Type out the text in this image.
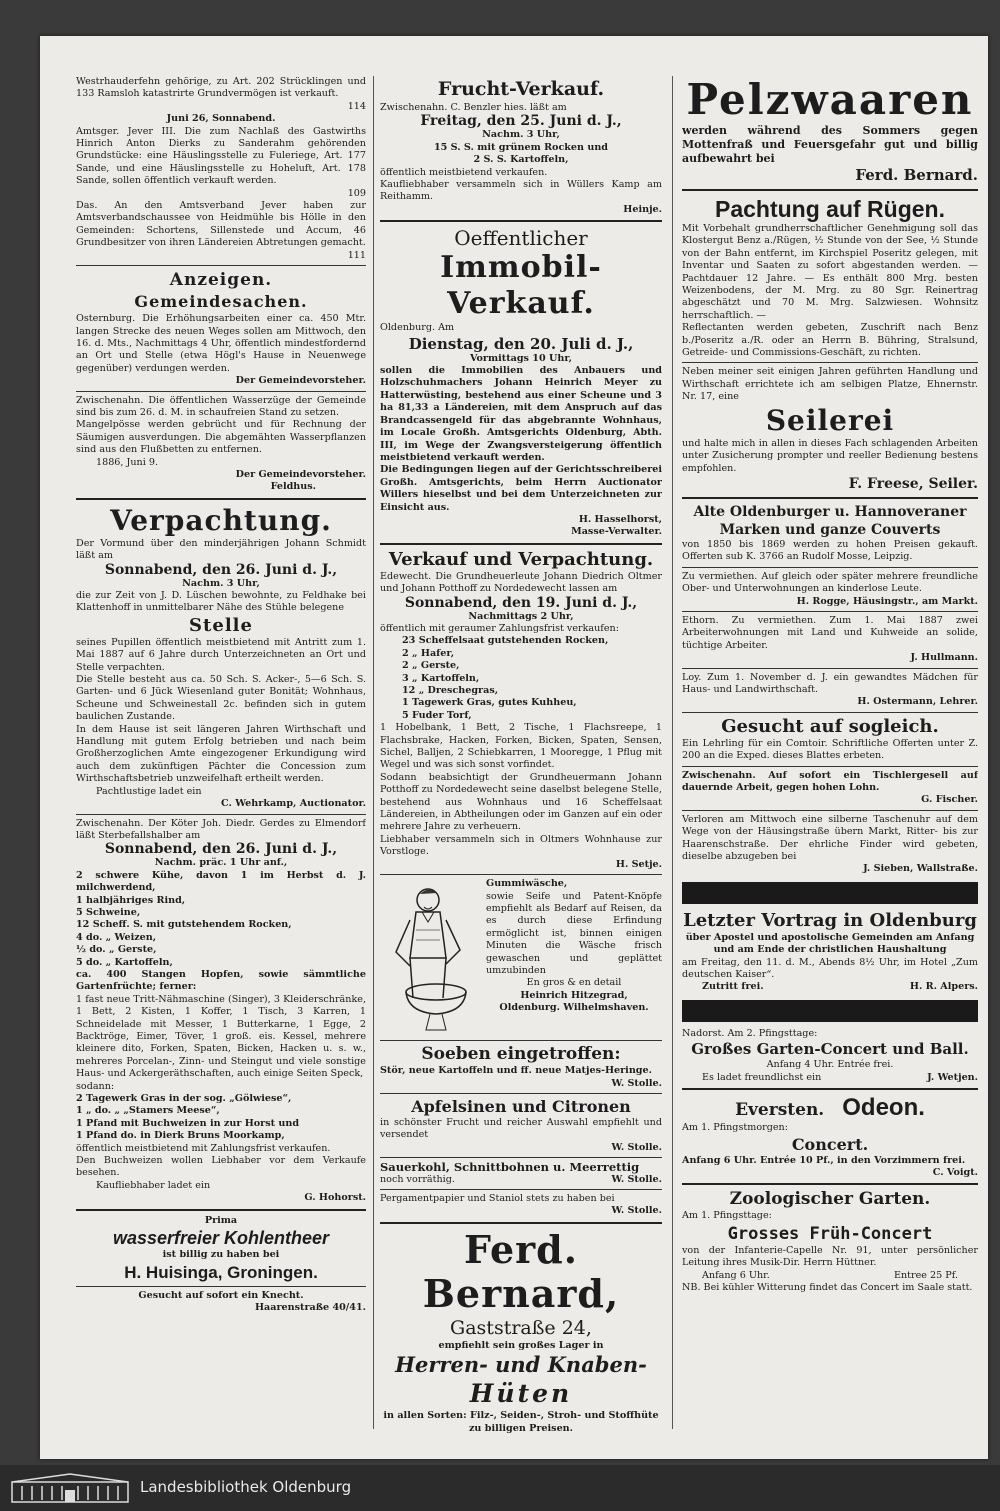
Westrhauderfehn gehörige, zu Art. 202 Strücklingen und 133 Ramsloh katastrirte Grundvermögen ist verkauft.

114

Juni 26, Sonnabend.

Amtsger. Jever III. Die zum Nachlaß des Gastwirths Hinrich Anton Dierks zu Sanderahm gehörenden Grundstücke: eine Häuslingsstelle zu Fuleriege, Art. 177 Sande, und eine Häuslingsstelle zu Hoheluft, Art. 178 Sande, sollen öffentlich verkauft werden.

109

Das. An den Amtsverband Jever haben zur Amtsverbandschaussee von Heidmühle bis Hölle in den Gemeinden: Schortens, Sillenstede und Accum, 46 Grundbesitzer von ihren Ländereien Abtretungen gemacht.

111

Anzeigen.

Gemeindesachen.

Osternburg. Die Erhöhungsarbeiten einer ca. 450 Mtr. langen Strecke des neuen Weges sollen am Mittwoch, den 16. d. Mts., Nachmittags 4 Uhr, öffentlich mindestfordernd an Ort und Stelle (etwa Högl's Hause in Neuenwege gegenüber) verdungen werden.

Der Gemeindevorsteher.

Zwischenahn. Die öffentlichen Wasserzüge der Gemeinde sind bis zum 26. d. M. in schaufreien Stand zu setzen.

Mangelpösse werden gebrücht und für Rechnung der Säumigen ausverdungen. Die abgemähten Wasserpflanzen sind aus den Flußbetten zu entfernen.

1886, Juni 9.

Der Gemeindevorsteher.

Feldhus.

Verpachtung.

Der Vormund über den minderjährigen Johann Schmidt läßt am

Sonnabend, den 26. Juni d. J.,

Nachm. 3 Uhr,

die zur Zeit von J. D. Lüschen bewohnte, zu Feldhake bei Klattenhoff in unmittelbarer Nähe des Stühle belegene

Stelle

seines Pupillen öffentlich meistbietend mit Antritt zum 1. Mai 1887 auf 6 Jahre durch Unterzeichneten an Ort und Stelle verpachten.

Die Stelle besteht aus ca. 50 Sch. S. Acker-, 5—6 Sch. S. Garten- und 6 Jück Wiesenland guter Bonität; Wohnhaus, Scheune und Schweinestall 2c. befinden sich in gutem baulichen Zustande.

In dem Hause ist seit längeren Jahren Wirthschaft und Handlung mit gutem Erfolg betrieben und nach beim Großherzoglichen Amte eingezogener Erkundigung wird auch dem zukünftigen Pächter die Concession zum Wirthschaftsbetrieb unzweifelhaft ertheilt werden.

Pachtlustige ladet ein

C. Wehrkamp, Auctionator.

Zwischenahn. Der Köter Joh. Diedr. Gerdes zu Elmendorf läßt Sterbefallshalber am

Sonnabend, den 26. Juni d. J.,

Nachm. präc. 1 Uhr anf.,

2 schwere Kühe, davon 1 im Herbst d. J. milchwerdend,

1 halbjähriges Rind,

5 Schweine,

12 Scheff. S. mit gutstehendem Rocken,

4 do. „ Weizen,

½ do. „ Gerste,

5 do. „ Kartoffeln,

ca. 400 Stangen Hopfen, sowie sämmtliche Gartenfrüchte; ferner:

1 fast neue Tritt-Nähmaschine (Singer), 3 Kleiderschränke, 1 Bett, 2 Kisten, 1 Koffer, 1 Tisch, 3 Karren, 1 Schneidelade mit Messer, 1 Butterkarne, 1 Egge, 2 Backtröge, Eimer, Töver, 1 groß. eis. Kessel, mehrere kleinere dito, Forken, Spaten, Bicken, Hacken u. s. w., mehreres Porcelan-, Zinn- und Steingut und viele sonstige Haus- und Ackergeräthschaften, auch einige Seiten Speck,

sodann:

2 Tagewerk Gras in der sog. „Gölwiese“,

1 „ do. „ „Stamers Meese“,

1 Pfand mit Buchweizen in zur Horst und

1 Pfand do. in Dierk Bruns Moorkamp,

öffentlich meistbietend mit Zahlungsfrist verkaufen.

Den Buchweizen wollen Liebhaber vor dem Verkaufe besehen.

Kaufliebhaber ladet ein

G. Hohorst.

Prima

wasserfreier Kohlentheer

ist billig zu haben bei

H. Huisinga, Groningen.

Gesucht auf sofort ein Knecht.

Haarenstraße 40/41.

Frucht-Verkauf.

Zwischenahn. C. Benzler hies. läßt am

Freitag, den 25. Juni d. J.,

Nachm. 3 Uhr,

15 S. S. mit grünem Rocken und

2 S. S. Kartoffeln,

öffentlich meistbietend verkaufen.

Kaufliebhaber versammeln sich in Wüllers Kamp am Reithamm.

Heinje.

Oeffentlicher

Immobil-Verkauf.

Oldenburg. Am

Dienstag, den 20. Juli d. J.,

Vormittags 10 Uhr,

sollen die Immobilien des Anbauers und Holzschuhmachers Johann Heinrich Meyer zu Hatterwüsting, bestehend aus einer Scheune und 3 ha 81,33 a Ländereien, mit dem Anspruch auf das Brandcassengeld für das abgebrannte Wohnhaus, im Locale Großh. Amtsgerichts Oldenburg, Abth. III, im Wege der Zwangsversteigerung öffentlich meistbietend verkauft werden.

Die Bedingungen liegen auf der Gerichtsschreiberei Großh. Amtsgerichts, beim Herrn Auctionator Willers hieselbst und bei dem Unterzeichneten zur Einsicht aus.

H. Hasselhorst,

Masse-Verwalter.

Verkauf und Verpachtung.

Edewecht. Die Grundheuerleute Johann Diedrich Oltmer und Johann Potthoff zu Nordedewecht lassen am

Sonnabend, den 19. Juni d. J.,

Nachmittags 2 Uhr,

öffentlich mit geraumer Zahlungsfrist verkaufen:

23 Scheffelsaat gutstehenden Rocken,

2 „ Hafer,

2 „ Gerste,

3 „ Kartoffeln,

12 „ Dreschegras,

1 Tagewerk Gras, gutes Kuhheu,

5 Fuder Torf,

1 Hobelbank, 1 Bett, 2 Tische, 1 Flachsreepe, 1 Flachsbrake, Hacken, Forken, Bicken, Spaten, Sensen, Sichel, Balljen, 2 Schiebkarren, 1 Mooregge, 1 Pflug mit Wegel und was sich sonst vorfindet.

Sodann beabsichtigt der Grundheuermann Johann Potthoff zu Nordedewecht seine daselbst belegene Stelle, bestehend aus Wohnhaus und 16 Scheffelsaat Ländereien, in Abtheilungen oder im Ganzen auf ein oder mehrere Jahre zu verheuern.

Liebhaber versammeln sich in Oltmers Wohnhause zur Vorstloge.

H. Setje.

Gummiwäsche,

sowie Seife und Patent-Knöpfe empfiehlt als Bedarf auf Reisen, da es durch diese Erfindung ermöglicht ist, binnen einigen Minuten die Wäsche frisch gewaschen und geplättet umzubinden

En gros & en detail

Heinrich Hitzegrad,

Oldenburg. Wilhelmshaven.

Soeben eingetroffen:

Stör, neue Kartoffeln und ff. neue Matjes-Heringe.

W. Stolle.

Apfelsinen und Citronen

in schönster Frucht und reicher Auswahl empfiehlt und versendet

W. Stolle.

Sauerkohl, Schnittbohnen u. Meerrettig

noch vorräthig.	W. Stolle.

Pergamentpapier und Staniol stets zu haben bei

W. Stolle.

Ferd. Bernard,

Gaststraße 24,

empfiehlt sein großes Lager in

Herren- und Knaben-

Hüten

in allen Sorten: Filz-, Seiden-, Stroh- und Stoffhüte zu billigen Preisen.

Pelzwaaren

werden während des Sommers gegen Mottenfraß und Feuersgefahr gut und billig aufbewahrt bei

Ferd. Bernard.

Pachtung auf Rügen.

Mit Vorbehalt grundherrschaftlicher Genehmigung soll das Klostergut Benz a./Rügen, ½ Stunde von der See, ½ Stunde von der Bahn entfernt, im Kirchspiel Poseritz gelegen, mit Inventar und Saaten zu sofort abgestanden werden. — Pachtdauer 12 Jahre. — Es enthält 800 Mrg. besten Weizenbodens, der M. Mrg. zu 80 Sgr. Reinertrag abgeschätzt und 70 M. Mrg. Salzwiesen. Wohnsitz herrschaftlich. —

Reflectanten werden gebeten, Zuschrift nach Benz b./Poseritz a./R. oder an Herrn B. Bühring, Stralsund, Getreide- und Commissions-Geschäft, zu richten.

Neben meiner seit einigen Jahren geführten Handlung und Wirthschaft errichtete ich am selbigen Platze, Ehnernstr. Nr. 17, eine

Seilerei

und halte mich in allen in dieses Fach schlagenden Arbeiten unter Zusicherung prompter und reeller Bedienung bestens empfohlen.

F. Freese, Seiler.

Alte Oldenburger u. Hannoveraner Marken und ganze Couverts

von 1850 bis 1869 werden zu hohen Preisen gekauft. Offerten sub K. 3766 an Rudolf Mosse, Leipzig.

Zu vermiethen. Auf gleich oder später mehrere freundliche Ober- und Unterwohnungen an kinderlose Leute.

H. Rogge, Häusingstr., am Markt.

Ethorn. Zu vermiethen. Zum 1. Mai 1887 zwei Arbeiterwohnungen mit Land und Kuhweide an solide, tüchtige Arbeiter.

J. Hullmann.

Loy. Zum 1. November d. J. ein gewandtes Mädchen für Haus- und Landwirthschaft.

H. Ostermann, Lehrer.

Gesucht auf sogleich.

Ein Lehrling für ein Comtoir. Schriftliche Offerten unter Z. 200 an die Exped. dieses Blattes erbeten.

Zwischenahn. Auf sofort ein Tischlergesell auf dauernde Arbeit, gegen hohen Lohn.

G. Fischer.

Verloren am Mittwoch eine silberne Taschenuhr auf dem Wege von der Häusingstraße übern Markt, Ritter- bis zur Haarenschstraße. Der ehrliche Finder wird gebeten, dieselbe abzugeben bei

J. Sieben, Wallstraße.

Letzter Vortrag in Oldenburg

über Apostel und apostolische Gemeinden am Anfang und am Ende der christlichen Haushaltung

am Freitag, den 11. d. M., Abends 8½ Uhr, im Hotel „Zum deutschen Kaiser“.

Zutritt frei.	H. R. Alpers.

Nadorst. Am 2. Pfingsttage:

Großes Garten-Concert und Ball.

Anfang 4 Uhr. Entrée frei.

Es ladet freundlichst ein	J. Wetjen.

Eversten. Odeon.

Am 1. Pfingstmorgen:

Concert.

Anfang 6 Uhr. Entrée 10 Pf., in den Vorzimmern frei.

C. Voigt.

Zoologischer Garten.

Am 1. Pfingsttage:

Grosses Früh-Concert

von der Infanterie-Capelle Nr. 91, unter persönlicher Leitung ihres Musik-Dir. Herrn Hüttner.

Anfang 6 Uhr.	Entree 25 Pf.

NB. Bei kühler Witterung findet das Concert im Saale statt.

Landesbibliothek Oldenburg
